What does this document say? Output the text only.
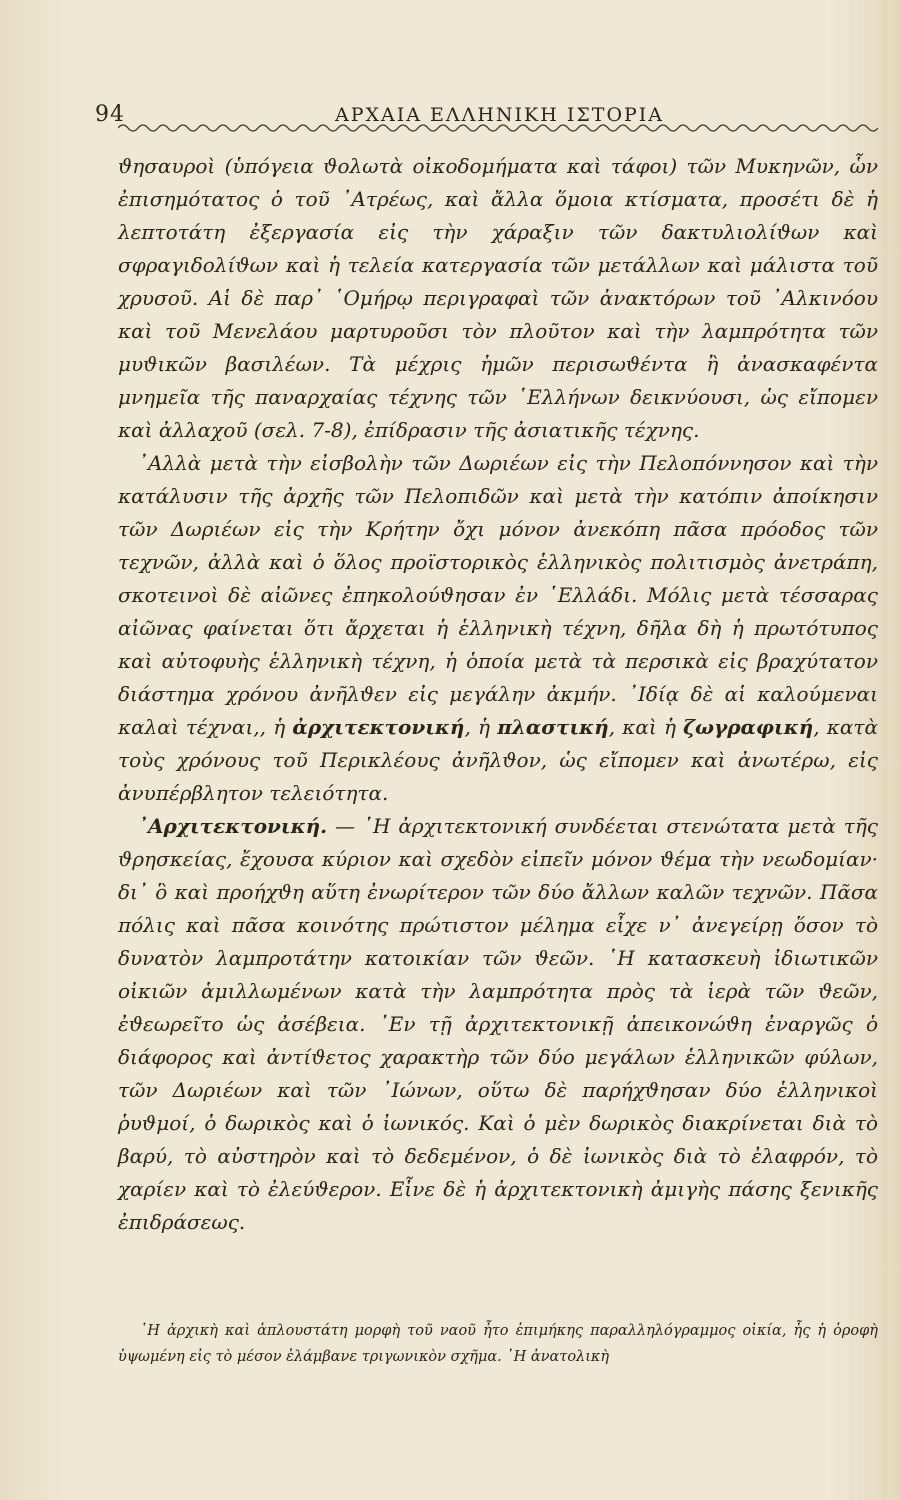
94	ΑΡΧΑΙΑ ΕΛΛΗΝΙΚΗ ΙΣΤΟΡΙΑ

ϑησαυροὶ (ὑπόγεια ϑολωτὰ οἰκοδομήματα καὶ τάφοι) τῶν Μυκηνῶν, ὧν ἐπισημότατος ὁ τοῦ ᾿Ατρέως, καὶ ἄλλα ὅμοια κτίσματα, προσέτι δὲ ἡ λεπτοτάτη ἐξεργασία εἰς τὴν χάραξιν τῶν δακτυλιολίϑων καὶ σφραγιδολίϑων καὶ ἡ τελεία κατεργασία τῶν μετάλλων καὶ μάλιστα τοῦ χρυσοῦ. Αἱ δὲ παρ᾿ ῾Ομήρῳ περιγραφαὶ τῶν ἀνακτόρων τοῦ ᾿Αλκινόου καὶ τοῦ Μενελάου μαρτυροῦσι τὸν πλοῦτον καὶ τὴν λαμπρότητα τῶν μυϑικῶν βασιλέων. Τὰ μέχρις ἡμῶν περισωϑέντα ἢ ἀνασκαφέντα μνημεῖα τῆς παναρχαίας τέχνης τῶν ῾Ελλήνων δεικνύουσι, ὡς εἴπομεν καὶ ἀλλαχοῦ (σελ. 7-8), ἐπίδρασιν τῆς ἀσιατικῆς τέχνης.

᾿Αλλὰ μετὰ τὴν εἰσβολὴν τῶν Δωριέων εἰς τὴν Πελοπόννησον καὶ τὴν κατάλυσιν τῆς ἀρχῆς τῶν Πελοπιδῶν καὶ μετὰ τὴν κατόπιν ἀποίκησιν τῶν Δωριέων εἰς τὴν Κρήτην ὄχι μόνον ἀνεκόπη πᾶσα πρόοδος τῶν τεχνῶν, ἀλλὰ καὶ ὁ ὅλος προϊστορικὸς ἑλληνικὸς πολιτισμὸς ἀνετράπη, σκοτεινοὶ δὲ αἰῶνες ἐπηκολούϑησαν ἐν ῾Ελλάδι. Μόλις μετὰ τέσσαρας αἰῶνας φαίνεται ὅτι ἄρχεται ἡ ἑλληνικὴ τέχνη, δῆλα δὴ ἡ πρωτότυπος καὶ αὐτοφυὴς ἑλληνικὴ τέχνη, ἡ ὁποία μετὰ τὰ περσικὰ εἰς βραχύτατον διάστημα χρόνου ἀνῆλϑεν εἰς μεγάλην ἀκμήν. ᾿Ιδίᾳ δὲ αἱ καλούμεναι καλαὶ τέχναι,, ἡ ἀρχιτεκτονική, ἡ πλαστική, καὶ ἡ ζωγραφική, κατὰ τοὺς χρόνους τοῦ Περικλέους ἀνῆλϑον, ὡς εἴπομεν καὶ ἀνωτέρω, εἰς ἀνυπέρβλητον τελειότητα.

᾿Αρχιτεκτονική. — ῾Η ἀρχιτεκτονική συνδέεται στενώτατα μετὰ τῆς ϑρησκείας, ἔχουσα κύριον καὶ σχεδὸν εἰπεῖν μόνον ϑέμα τὴν νεωδομίαν· δι᾿ ὃ καὶ προήχϑη αὕτη ἐνωρίτερον τῶν δύο ἄλλων καλῶν τεχνῶν. Πᾶσα πόλις καὶ πᾶσα κοινότης πρώτιστον μέλημα εἶχε ν᾿ ἀνεγείρῃ ὅσον τὸ δυνατὸν λαμπροτάτην κατοικίαν τῶν ϑεῶν. ῾Η κατασκευὴ ἰδιωτικῶν οἰκιῶν ἁμιλλωμένων κατὰ τὴν λαμπρότητα πρὸς τὰ ἱερὰ τῶν ϑεῶν, ἐϑεωρεῖτο ὡς ἀσέβεια. ᾿Εν τῇ ἀρχιτεκτονικῇ ἀπεικονώϑη ἐναργῶς ὁ διάφορος καὶ ἀντίϑετος χαρακτὴρ τῶν δύο μεγάλων ἑλληνικῶν φύλων, τῶν Δωριέων καὶ τῶν ᾿Ιώνων, οὕτω δὲ παρήχϑησαν δύο ἑλληνικοὶ ῥυϑμοί, ὁ δωρικὸς καὶ ὁ ἰωνικός. Καὶ ὁ μὲν δωρικὸς διακρίνεται διὰ τὸ βαρύ, τὸ αὐστηρὸν καὶ τὸ δεδεμένον, ὁ δὲ ἰωνικὸς διὰ τὸ ἐλαφρόν, τὸ χαρίεν καὶ τὸ ἐλεύϑερον. Εἶνε δὲ ἡ ἀρχιτεκτονικὴ ἀμιγὴς πάσης ξενικῆς ἐπιδράσεως.

῾Η ἀρχικὴ καὶ ἁπλουστάτη μορφὴ τοῦ ναοῦ ἦτο ἐπιμήκης παραλληλόγραμμος οἰκία, ἧς ἡ ὀροφὴ ὑψωμένη εἰς τὸ μέσον ἐλάμβανε τριγωνικὸν σχῆμα. ῾Η ἀνατολικὴ
